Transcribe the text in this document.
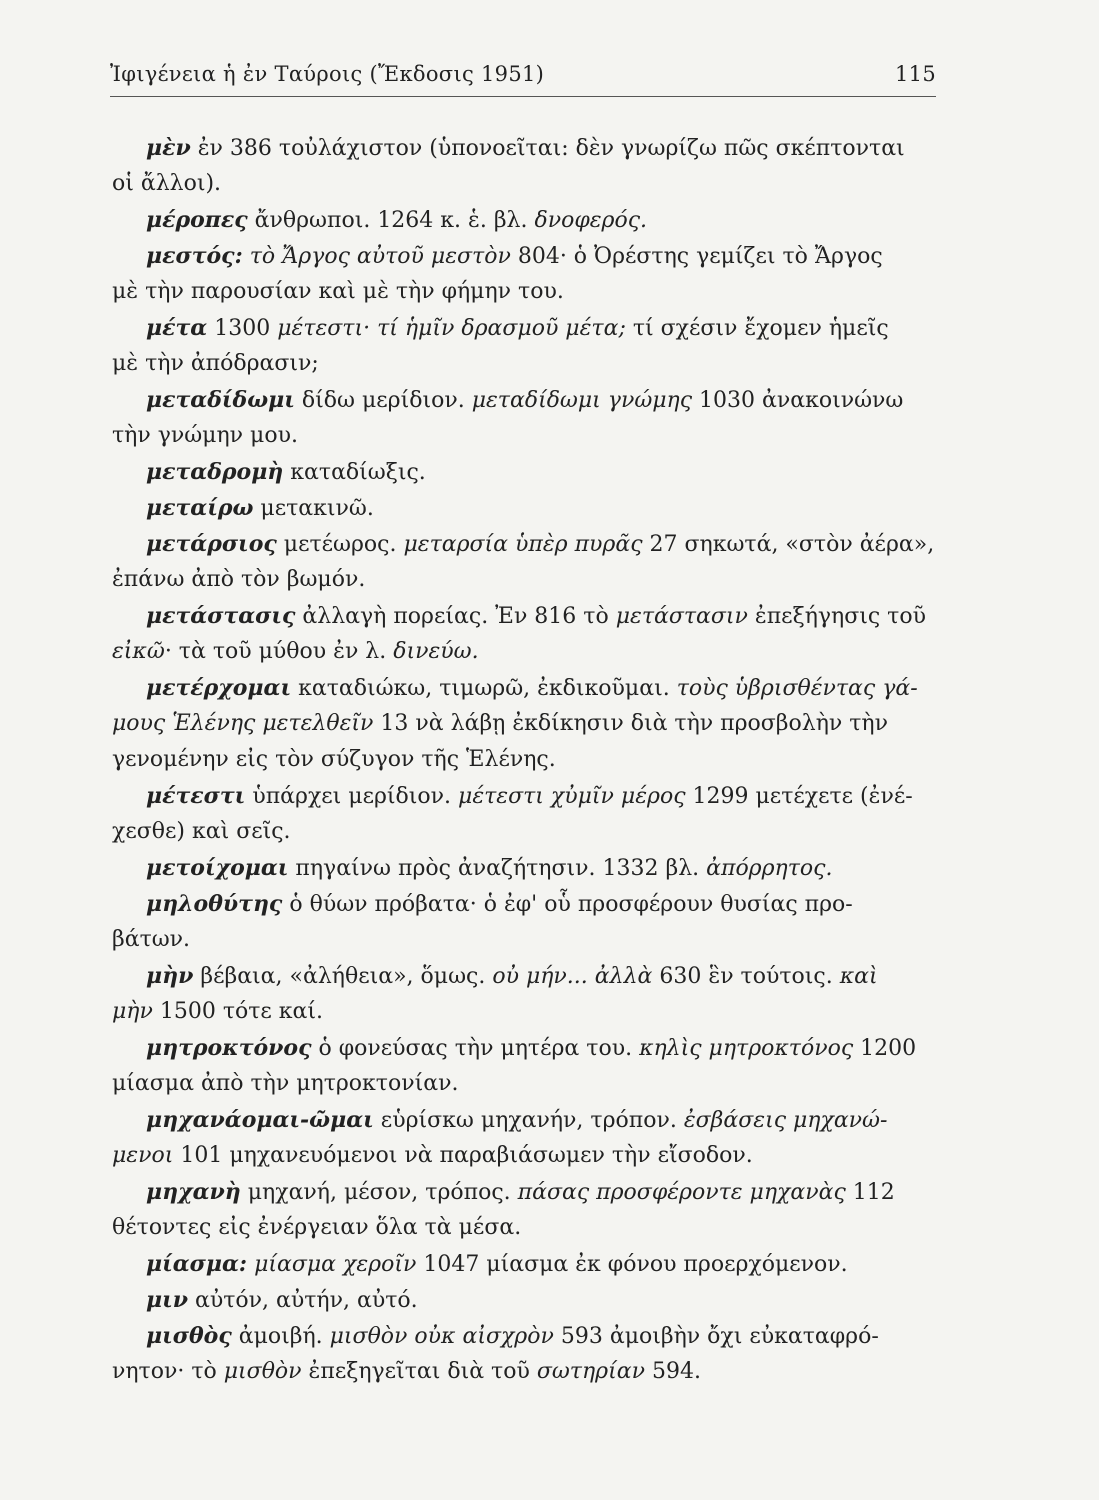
Ἰφιγένεια ἡ ἐν Ταύροις (Ἔκδοσις 1951)	115
μὲν ἐν 386 τοὐλάχιστον (ὑπονοεῖται: δὲν γνωρίζω πῶς σκέπτονται
οἱ ἄλλοι).
μέροπες ἄνθρωποι. 1264 κ. ἑ. βλ. δνοφερός.
μεστός: τὸ Ἄργος αὐτοῦ μεστὸν 804· ὁ Ὀρέστης γεμίζει τὸ Ἄργος
μὲ τὴν παρουσίαν καὶ μὲ τὴν φήμην του.
μέτα 1300 μέτεστι· τί ἡμῖν δρασμοῦ μέτα; τί σχέσιν ἔχομεν ἡμεῖς
μὲ τὴν ἀπόδρασιν;
μεταδίδωμι δίδω μερίδιον. μεταδίδωμι γνώμης 1030 ἀνακοινώνω
τὴν γνώμην μου.
μεταδρομὴ καταδίωξις.
μεταίρω μετακινῶ.
μετάρσιος μετέωρος. μεταρσία ὑπὲρ πυρᾶς 27 σηκωτά, «στὸν ἀέρα»,
ἐπάνω ἀπὸ τὸν βωμόν.
μετάστασις ἀλλαγὴ πορείας. Ἐν 816 τὸ μετάστασιν ἐπεξήγησις τοῦ
εἰκῶ· τὰ τοῦ μύθου ἐν λ. δινεύω.
μετέρχομαι καταδιώκω, τιμωρῶ, ἐκδικοῦμαι. τοὺς ὑβρισθέντας γά-
μους Ἑλένης μετελθεῖν 13 νὰ λάβῃ ἐκδίκησιν διὰ τὴν προσβολὴν τὴν
γενομένην εἰς τὸν σύζυγον τῆς Ἑλένης.
μέτεστι ὑπάρχει μερίδιον. μέτεστι χὐμῖν μέρος 1299 μετέχετε (ἐνέ-
χεσθε) καὶ σεῖς.
μετοίχομαι πηγαίνω πρὸς ἀναζήτησιν. 1332 βλ. ἀπόρρητος.
μηλοθύτης ὁ θύων πρόβατα· ὁ ἐφ' οὗ προσφέρουν θυσίας προ-
βάτων.
μὴν βέβαια, «ἀλήθεια», ὅμως. οὐ μήν... ἀλλὰ 630 ἓν τούτοις. καὶ
μὴν 1500 τότε καί.
μητροκτόνος ὁ φονεύσας τὴν μητέρα του. κηλὶς μητροκτόνος 1200
μίασμα ἀπὸ τὴν μητροκτονίαν.
μηχανάομαι-ῶμαι εὑρίσκω μηχανήν, τρόπον. ἐσβάσεις μηχανώ-
μενοι 101 μηχανευόμενοι νὰ παραβιάσωμεν τὴν εἴσοδον.
μηχανὴ μηχανή, μέσον, τρόπος. πάσας προσφέροντε μηχανὰς 112
θέτοντες εἰς ἐνέργειαν ὅλα τὰ μέσα.
μίασμα: μίασμα χεροῖν 1047 μίασμα ἐκ φόνου προερχόμενον.
μιν αὐτόν, αὐτήν, αὐτό.
μισθὸς ἀμοιβή. μισθὸν οὐκ αἰσχρὸν 593 ἀμοιβὴν ὄχι εὐκαταφρό-
νητον· τὸ μισθὸν ἐπεξηγεῖται διὰ τοῦ σωτηρίαν 594.
